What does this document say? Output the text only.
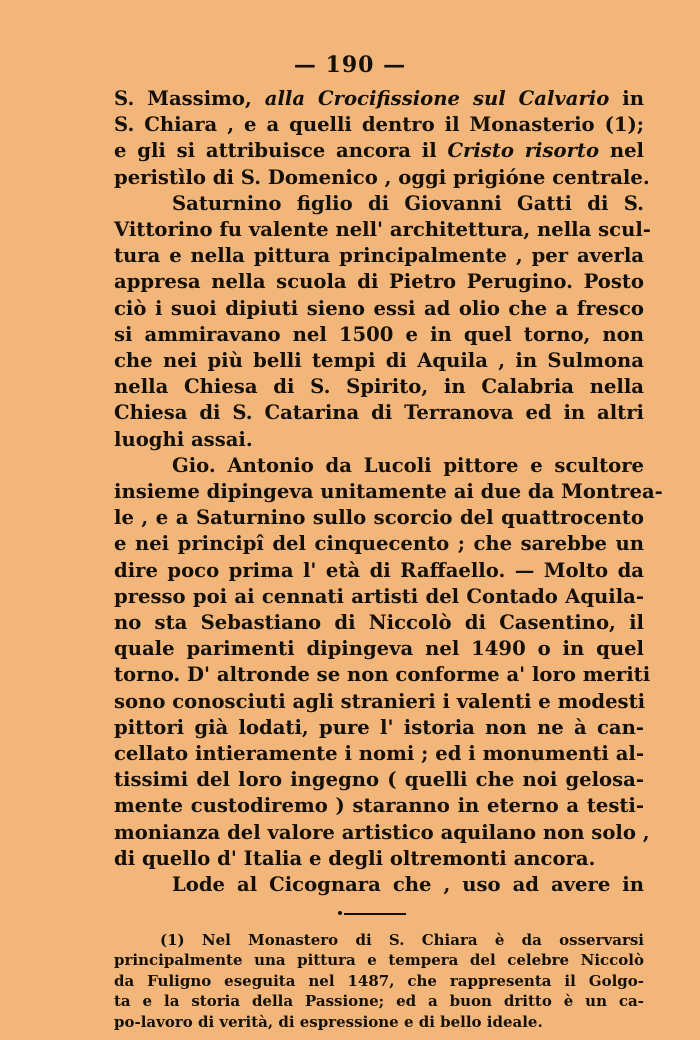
— 190 —
S. Massimo, alla Crocifissione sul Calvario in
S. Chiara , e a quelli dentro il Monasterio (1);
e gli si attribuisce ancora il Cristo risorto nel
peristìlo di S. Domenico , oggi prigióne centrale.
Saturnino figlio di Giovanni Gatti di S.
Vittorino fu valente nell' architettura, nella scul-
tura e nella pittura principalmente , per averla
appresa nella scuola di Pietro Perugino. Posto
ciò i suoi dipiuti sieno essi ad olio che a fresco
si ammiravano nel 1500 e in quel torno, non
che nei più belli tempi di Aquila , in Sulmona
nella Chiesa di S. Spirito, in Calabria nella
Chiesa di S. Catarina di Terranova ed in altri
luoghi assai.
Gio. Antonio da Lucoli pittore e scultore
insieme dipingeva unitamente ai due da Montrea-
le , e a Saturnino sullo scorcio del quattrocento
e nei principî del cinquecento ; che sarebbe un
dire poco prima l' età di Raffaello. — Molto da
presso poi ai cennati artisti del Contado Aquila-
no sta Sebastiano di Niccolò di Casentino, il
quale parimenti dipingeva nel 1490 o in quel
torno. D' altronde se non conforme a' loro meriti
sono conosciuti agli stranieri i valenti e modesti
pittori già lodati, pure l' istoria non ne à can-
cellato intieramente i nomi ; ed i monumenti al-
tissimi del loro ingegno ( quelli che noi gelosa-
mente custodiremo ) staranno in eterno a testi-
monianza del valore artistico aquilano non solo ,
di quello d' Italia e degli oltremonti ancora.
Lode al Cicognara che , uso ad avere in
(1) Nel Monastero di S. Chiara è da osservarsi
principalmente una pittura e tempera del celebre Niccolò
da Fuligno eseguita nel 1487, che rappresenta il Golgo-
ta e la storia della Passione; ed a buon dritto è un ca-
po-lavoro di verità, di espressione e di bello ideale.
